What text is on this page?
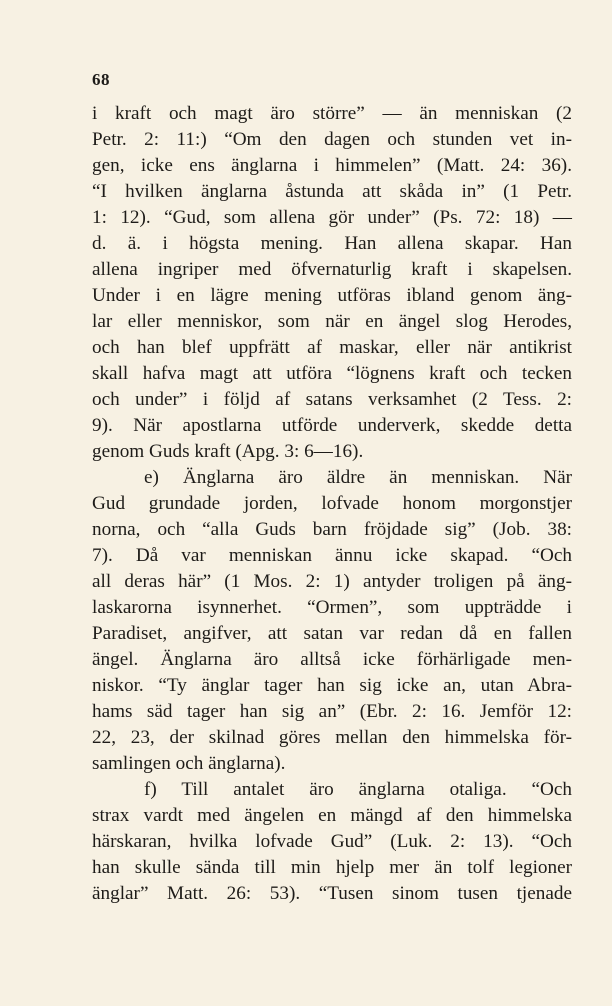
68
i kraft och magt äro större” — än menniskan (2
Petr. 2: 11:) “Om den dagen och stunden vet in-
gen, icke ens änglarna i himmelen” (Matt. 24: 36).
“I hvilken änglarna åstunda att skåda in” (1 Petr.
1: 12). “Gud, som allena gör under” (Ps. 72: 18) —
d. ä. i högsta mening. Han allena skapar. Han
allena ingriper med öfvernaturlig kraft i skapelsen.
Under i en lägre mening utföras ibland genom äng-
lar eller menniskor, som när en ängel slog Herodes,
och han blef uppfrätt af maskar, eller när antikrist
skall hafva magt att utföra “lögnens kraft och tecken
och under” i följd af satans verksamhet (2 Tess. 2:
9). När apostlarna utförde underverk, skedde detta
genom Guds kraft (Apg. 3: 6—16).
e) Änglarna äro äldre än menniskan. När
Gud grundade jorden, lofvade honom morgonstjer
norna, och “alla Guds barn fröjdade sig” (Job. 38:
7). Då var menniskan ännu icke skapad. “Och
all deras här” (1 Mos. 2: 1) antyder troligen på äng-
laskarorna isynnerhet. “Ormen”, som uppträdde i
Paradiset, angifver, att satan var redan då en fallen
ängel. Änglarna äro alltså icke förhärligade men-
niskor. “Ty änglar tager han sig icke an, utan Abra-
hams säd tager han sig an” (Ebr. 2: 16. Jemför 12:
22, 23, der skilnad göres mellan den himmelska för-
samlingen och änglarna).
f) Till antalet äro änglarna otaliga. “Och
strax vardt med ängelen en mängd af den himmelska
härskaran, hvilka lofvade Gud” (Luk. 2: 13). “Och
han skulle sända till min hjelp mer än tolf legioner
änglar” Matt. 26: 53). “Tusen sinom tusen tjenade
